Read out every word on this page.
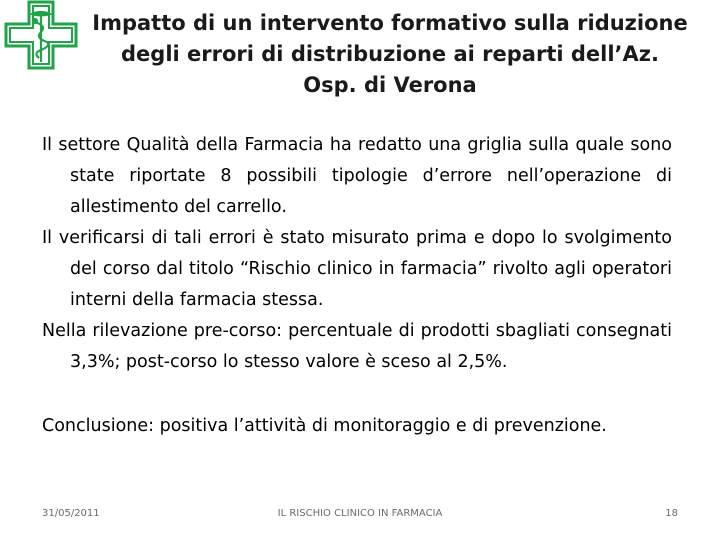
Impatto di un intervento formativo sulla riduzione degli errori di distribuzione ai reparti dell’Az. Osp. di Verona

Il settore Qualità della Farmacia ha redatto una griglia sulla quale sono state riportate 8 possibili tipologie d’errore nell’operazione di allestimento del carrello.

Il verificarsi di tali errori è stato misurato prima e dopo lo svolgimento del corso dal titolo “Rischio clinico in farmacia” rivolto agli operatori interni della farmacia stessa.

Nella rilevazione pre-corso: percentuale di prodotti sbagliati consegnati 3,3%; post-corso lo stesso valore è sceso al 2,5%.

Conclusione: positiva l’attività di monitoraggio e di prevenzione.
31/05/2011	IL RISCHIO CLINICO IN FARMACIA	18
